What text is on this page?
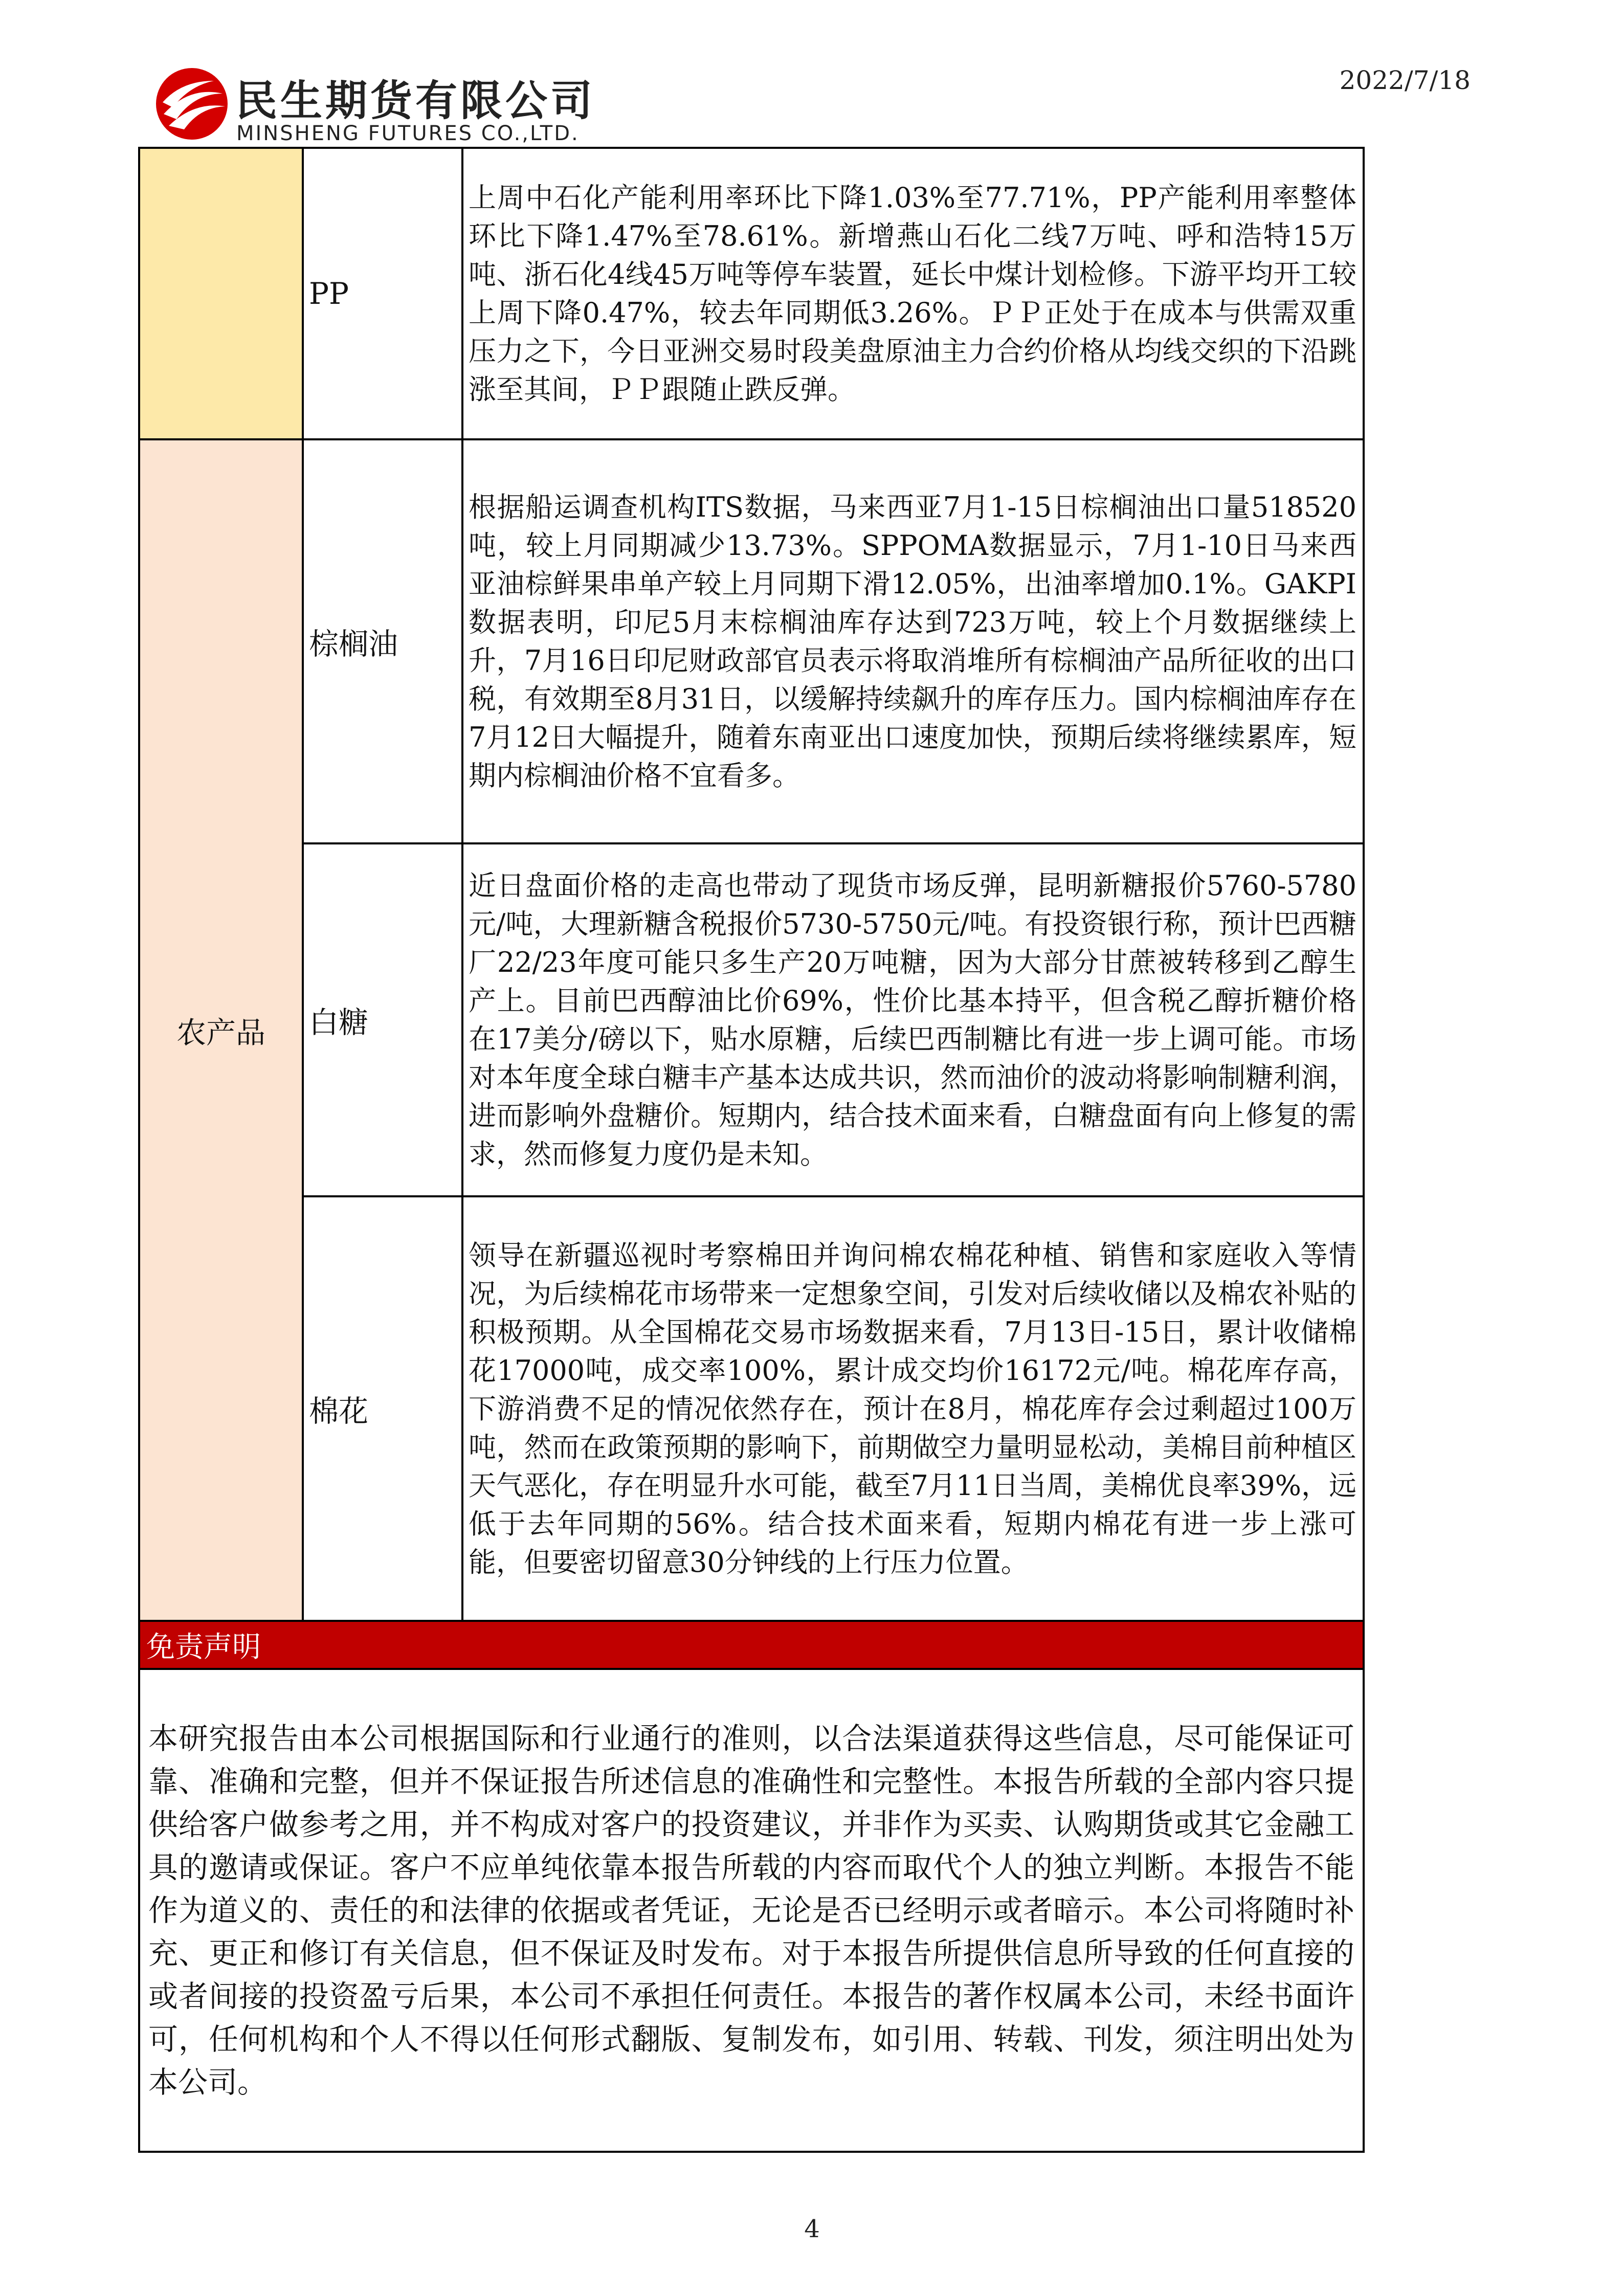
民生期货有限公司
MINSHENG FUTURES CO.,LTD.
2022/7/18
	PP	上周中石化产能利用率环比下降1.03%至77.71%，PP产能利用率整体环比下降1.47%至78.61%。新增燕山石化二线7万吨、呼和浩特15万吨、浙石化4线45万吨等停车装置，延长中煤计划检修。下游平均开工较上周下降0.47%，较去年同期低3.26%。ＰＰ正处于在成本与供需双重压力之下，今日亚洲交易时段美盘原油主力合约价格从均线交织的下沿跳涨至其间，ＰＰ跟随止跌反弹。
农产品	棕榈油	根据船运调查机构ITS数据，马来西亚7月1-15日棕榈油出口量518520吨，较上月同期减少13.73%。SPPOMA数据显示，7月1-10日马来西亚油棕鲜果串单产较上月同期下滑12.05%，出油率增加0.1%。GAKPI数据表明，印尼5月末棕榈油库存达到723万吨，较上个月数据继续上升，7月16日印尼财政部官员表示将取消堆所有棕榈油产品所征收的出口税，有效期至8月31日，以缓解持续飙升的库存压力。国内棕榈油库存在7月12日大幅提升，随着东南亚出口速度加快，预期后续将继续累库，短期内棕榈油价格不宜看多。
	白糖	近日盘面价格的走高也带动了现货市场反弹，昆明新糖报价5760-5780元/吨，大理新糖含税报价5730-5750元/吨。有投资银行称，预计巴西糖厂22/23年度可能只多生产20万吨糖，因为大部分甘蔗被转移到乙醇生产上。目前巴西醇油比价69%，性价比基本持平，但含税乙醇折糖价格在17美分/磅以下，贴水原糖，后续巴西制糖比有进一步上调可能。市场对本年度全球白糖丰产基本达成共识，然而油价的波动将影响制糖利润，进而影响外盘糖价。短期内，结合技术面来看，白糖盘面有向上修复的需求，然而修复力度仍是未知。
	棉花	领导在新疆巡视时考察棉田并询问棉农棉花种植、销售和家庭收入等情况，为后续棉花市场带来一定想象空间，引发对后续收储以及棉农补贴的积极预期。从全国棉花交易市场数据来看，7月13日-15日，累计收储棉花17000吨，成交率100%，累计成交均价16172元/吨。棉花库存高，下游消费不足的情况依然存在，预计在8月，棉花库存会过剩超过100万吨，然而在政策预期的影响下，前期做空力量明显松动，美棉目前种植区天气恶化，存在明显升水可能，截至7月11日当周，美棉优良率39%，远低于去年同期的56%。结合技术面来看，短期内棉花有进一步上涨可能，但要密切留意30分钟线的上行压力位置。
免责声明		
本研究报告由本公司根据国际和行业通行的准则，以合法渠道获得这些信息，尽可能保证可靠、准确和完整，但并不保证报告所述信息的准确性和完整性。本报告所载的全部内容只提供给客户做参考之用，并不构成对客户的投资建议，并非作为买卖、认购期货或其它金融工具的邀请或保证。客户不应单纯依靠本报告所载的内容而取代个人的独立判断。本报告不能作为道义的、责任的和法律的依据或者凭证，无论是否已经明示或者暗示。本公司将随时补充、更正和修订有关信息，但不保证及时发布。对于本报告所提供信息所导致的任何直接的或者间接的投资盈亏后果，本公司不承担任何责任。本报告的著作权属本公司，未经书面许可，任何机构和个人不得以任何形式翻版、复制发布，如引用、转载、刊发，须注明出处为本公司。		
4
